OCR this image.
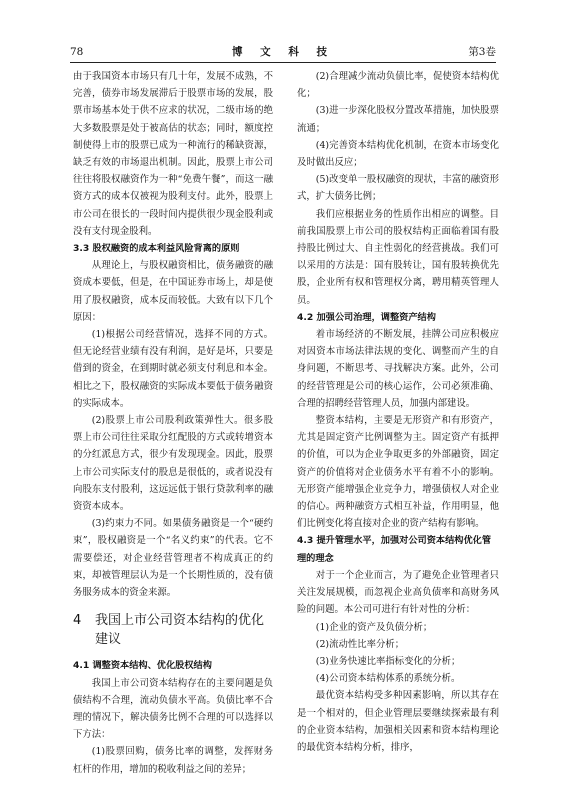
78	博 文 科 技	第3卷

由于我国资本市场只有几十年，发展不成熟，不完善，债券市场发展滞后于股票市场的发展，股票市场基本处于供不应求的状况，二级市场的绝大多数股票是处于被高估的状态；同时，额度控制使得上市的股票已成为一种流行的稀缺资源，缺乏有效的市场退出机制。因此，股票上市公司往往将股权融资作为一种“免费午餐”，而这一融资方式的成本仅被视为股利支付。此外，股票上市公司在很长的一段时间内提供很少现金股利或没有支付现金股利。

3.3 股权融资的成本利益风险背离的原则

从理论上，与股权融资相比，债务融资的融资成本要低，但是，在中国证券市场上，却是使用了股权融资，成本反而较低。大致有以下几个原因：

(1)根据公司经营情况，选择不同的方式。但无论经营业绩有没有利润，是好是坏，只要是借到的资金，在到期时就必须支付利息和本金。相比之下，股权融资的实际成本要低于债务融资的实际成本。

(2)股票上市公司股利政策弹性大。很多股票上市公司往往采取分红配股的方式或转增资本的分红派息方式，很少有发现现金。因此，股票上市公司实际支付的股息是很低的，或者说没有向股东支付股利，这远远低于银行贷款利率的融资资本成本。

(3)约束力不同。如果债务融资是一个“硬约束”，股权融资是一个“名义约束”的代表。它不需要偿还，对企业经营管理者不构成真正的约束，却被管理层认为是一个长期性质的，没有债务服务成本的资金来源。

4 我国上市公司资本结构的优化建议
4.1 调整资本结构、优化股权结构

我国上市公司资本结构存在的主要问题是负债结构不合理，流动负债水平高。负债比率不合理的情况下，解决债务比例不合理的可以选择以下方法：

(1)股票回购，债务比率的调整，发挥财务杠杆的作用，增加的税收利益之间的差异；

(2)合理减少流动负债比率，促使资本结构优化；

(3)进一步深化股权分置改革措施，加快股票流通；

(4)完善资本结构优化机制，在资本市场变化及时做出反应；

(5)改变单一股权融资的现状，丰富的融资形式，扩大债务比例；

我们应根据业务的性质作出相应的调整。目前我国股票上市公司的股权结构正面临着国有股持股比例过大、自主性弱化的经营挑战。我们可以采用的方法是：国有股转让，国有股转换优先股，企业所有权和管理权分离，聘用精英管理人员。

4.2 加强公司治理，调整资产结构

着市场经济的不断发展，挂牌公司应积极应对因资本市场法律法规的变化、调整而产生的自身问题，不断思考、寻找解决方案。此外，公司的经营管理是公司的核心运作，公司必须准确、合理的招聘经营管理人员，加强内部建设。

整资本结构，主要是无形资产和有形资产，尤其是固定资产比例调整为主。固定资产有抵押的价值，可以为企业争取更多的外部融资，固定资产的价值将对企业债务水平有着不小的影响。无形资产能增强企业竞争力，增强债权人对企业的信心。两种融资方式相互补益，作用明显，他们比例变化将直接对企业的资产结构有影响。

4.3 提升管理水平，加强对公司资本结构优化管理的理念

对于一个企业而言，为了避免企业管理者只关注发展规模，而忽视企业高负债率和高财务风险的问题。本公司可进行有针对性的分析：

(1)企业的资产及负债分析；

(2)流动性比率分析；

(3)业务快速比率指标变化的分析；

(4)公司资本结构体系的系统分析。

最优资本结构受多种因素影响，所以其存在是一个相对的，但企业管理层要继续探索最有利的企业资本结构，加强相关因素和资本结构理论的最优资本结构分析，排序，
